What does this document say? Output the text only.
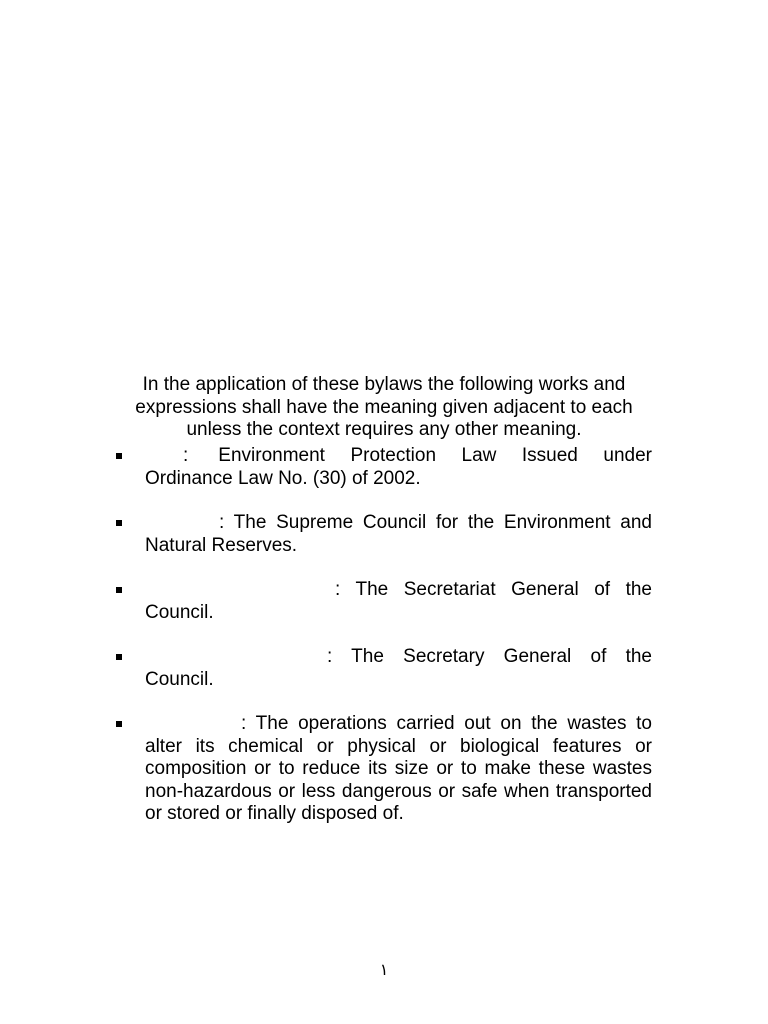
In the application of these bylaws the following works and expressions shall have the meaning given adjacent to each unless the context requires any other meaning.

: Environment Protection Law Issued under Ordinance Law No. (30) of 2002.
: The Supreme Council for the Environment and Natural Reserves.
: The Secretariat General of the Council.
: The Secretary General of the Council.
: The operations carried out on the wastes to alter its chemical or physical or biological features or composition or to reduce its size or to make these wastes non-hazardous or less dangerous or safe when transported or stored or finally disposed of.
١
